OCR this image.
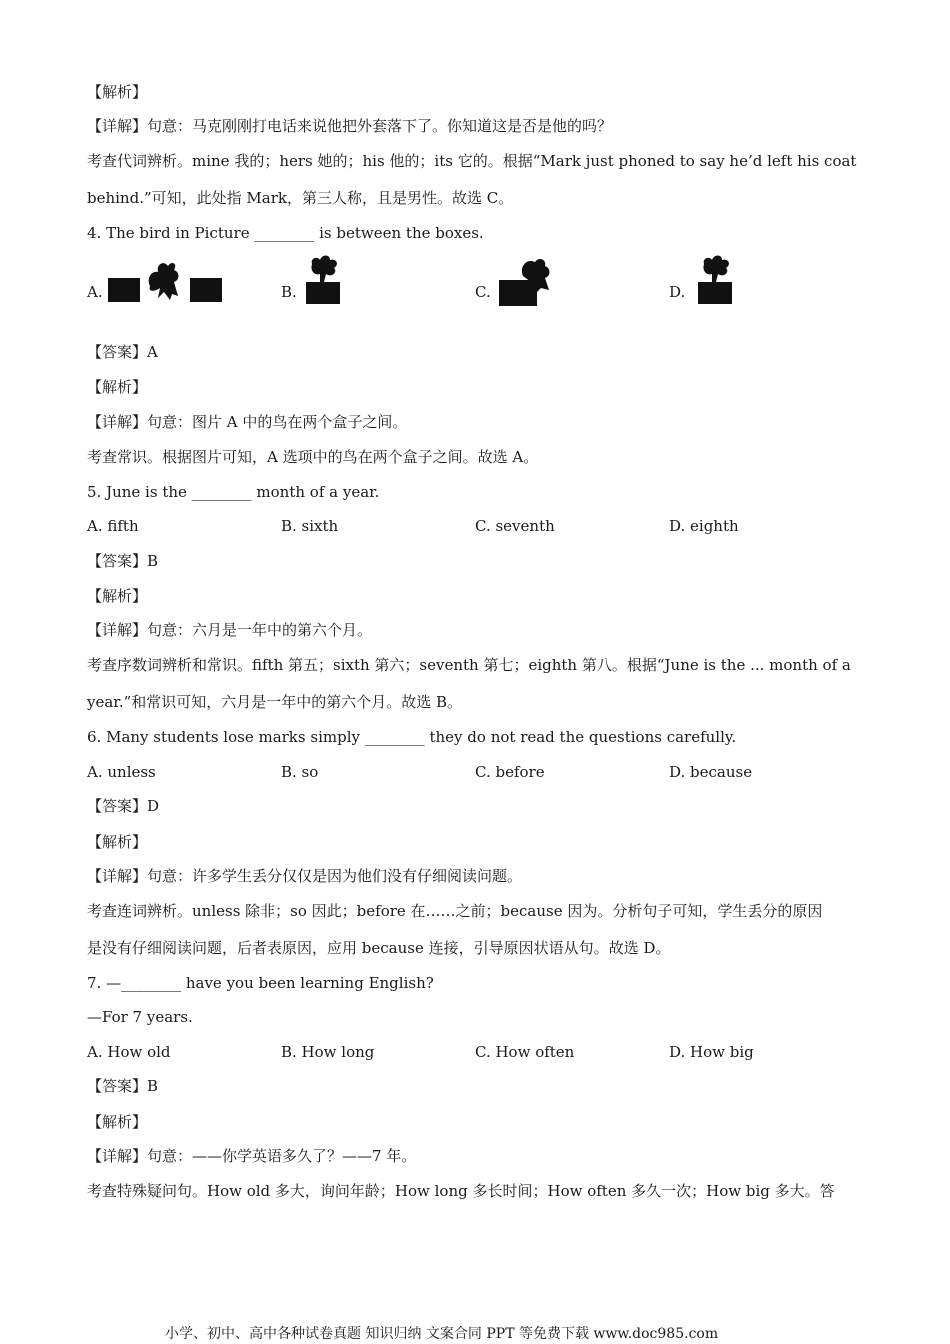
【解析】
【详解】句意：马克刚刚打电话来说他把外套落下了。你知道这是否是他的吗？
考查代词辨析。mine 我的；hers 她的；his 他的；its 它的。根据“Mark just phoned to say he’d left his coat
behind.”可知，此处指 Mark，第三人称，且是男性。故选 C。
4. The bird in Picture ________ is between the boxes.
A.	B.	C.	D.
【答案】A
【解析】
【详解】句意：图片 A 中的鸟在两个盒子之间。
考查常识。根据图片可知，A 选项中的鸟在两个盒子之间。故选 A。
5. June is the ________ month of a year.
A. fifth	B. sixth	C. seventh	D. eighth
【答案】B
【解析】
【详解】句意：六月是一年中的第六个月。
考查序数词辨析和常识。fifth 第五；sixth 第六；seventh 第七；eighth 第八。根据“June is the ... month of a
year.”和常识可知，六月是一年中的第六个月。故选 B。
6. Many students lose marks simply ________ they do not read the questions carefully.
A. unless	B. so	C. before	D. because
【答案】D
【解析】
【详解】句意：许多学生丢分仅仅是因为他们没有仔细阅读问题。
考查连词辨析。unless 除非；so 因此；before 在……之前；because 因为。分析句子可知，学生丢分的原因
是没有仔细阅读问题，后者表原因，应用 because 连接，引导原因状语从句。故选 D。
7. —________ have you been learning English?
—For 7 years.
A. How old	B. How long	C. How often	D. How big
【答案】B
【解析】
【详解】句意：——你学英语多久了？——7 年。
考查特殊疑问句。How old 多大，询问年龄；How long 多长时间；How often 多久一次；How big 多大。答
小学、初中、高中各种试卷真题 知识归纳 文案合同 PPT 等免费下载 www.doc985.com
